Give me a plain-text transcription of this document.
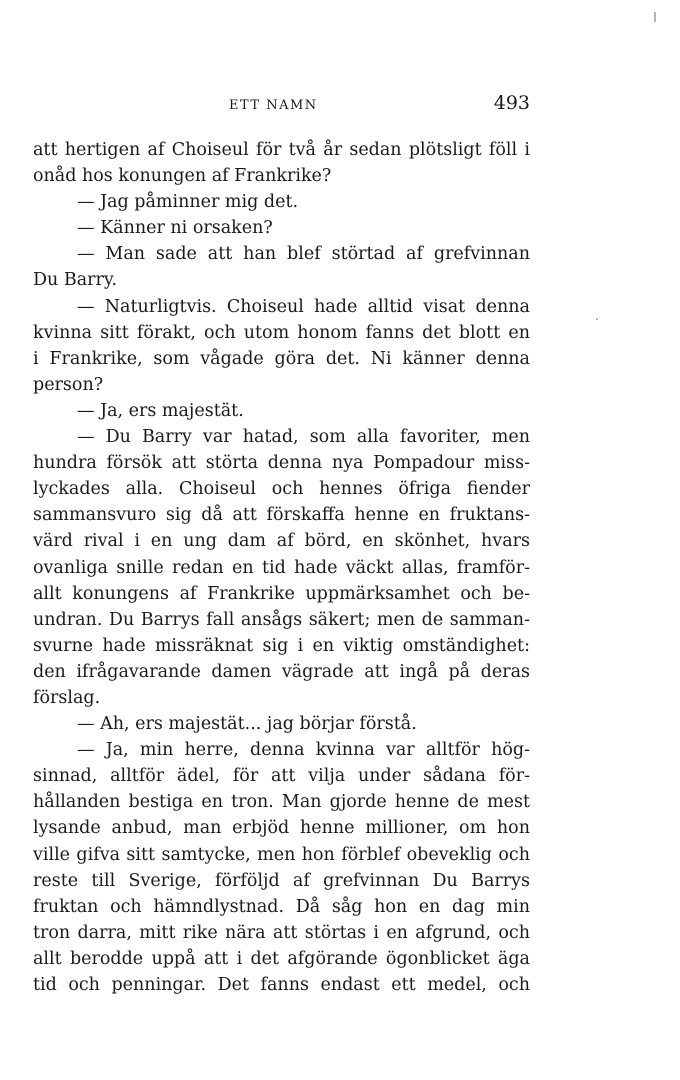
ETT NAMN	493
att hertigen af Choiseul för två år sedan plötsligt föll i
onåd hos konungen af Frankrike?
— Jag påminner mig det.
— Känner ni orsaken?
— Man sade att han blef störtad af grefvinnan
Du Barry.
— Naturligtvis. Choiseul hade alltid visat denna
kvinna sitt förakt, och utom honom fanns det blott en
i Frankrike, som vågade göra det. Ni känner denna
person?
— Ja, ers majestät.
— Du Barry var hatad, som alla favoriter, men
hundra försök att störta denna nya Pompadour miss-
lyckades alla. Choiseul och hennes öfriga fiender
sammansvuro sig då att förskaffa henne en fruktans-
värd rival i en ung dam af börd, en skönhet, hvars
ovanliga snille redan en tid hade väckt allas, framför-
allt konungens af Frankrike uppmärksamhet och be-
undran. Du Barrys fall ansågs säkert; men de samman-
svurne hade missräknat sig i en viktig omständighet:
den ifrågavarande damen vägrade att ingå på deras
förslag.
— Ah, ers majestät... jag börjar förstå.
— Ja, min herre, denna kvinna var alltför hög-
sinnad, alltför ädel, för att vilja under sådana för-
hållanden bestiga en tron. Man gjorde henne de mest
lysande anbud, man erbjöd henne millioner, om hon
ville gifva sitt samtycke, men hon förblef obeveklig och
reste till Sverige, förföljd af grefvinnan Du Barrys
fruktan och hämndlystnad. Då såg hon en dag min
tron darra, mitt rike nära att störtas i en afgrund, och
allt berodde uppå att i det afgörande ögonblicket äga
tid och penningar. Det fanns endast ett medel, och
